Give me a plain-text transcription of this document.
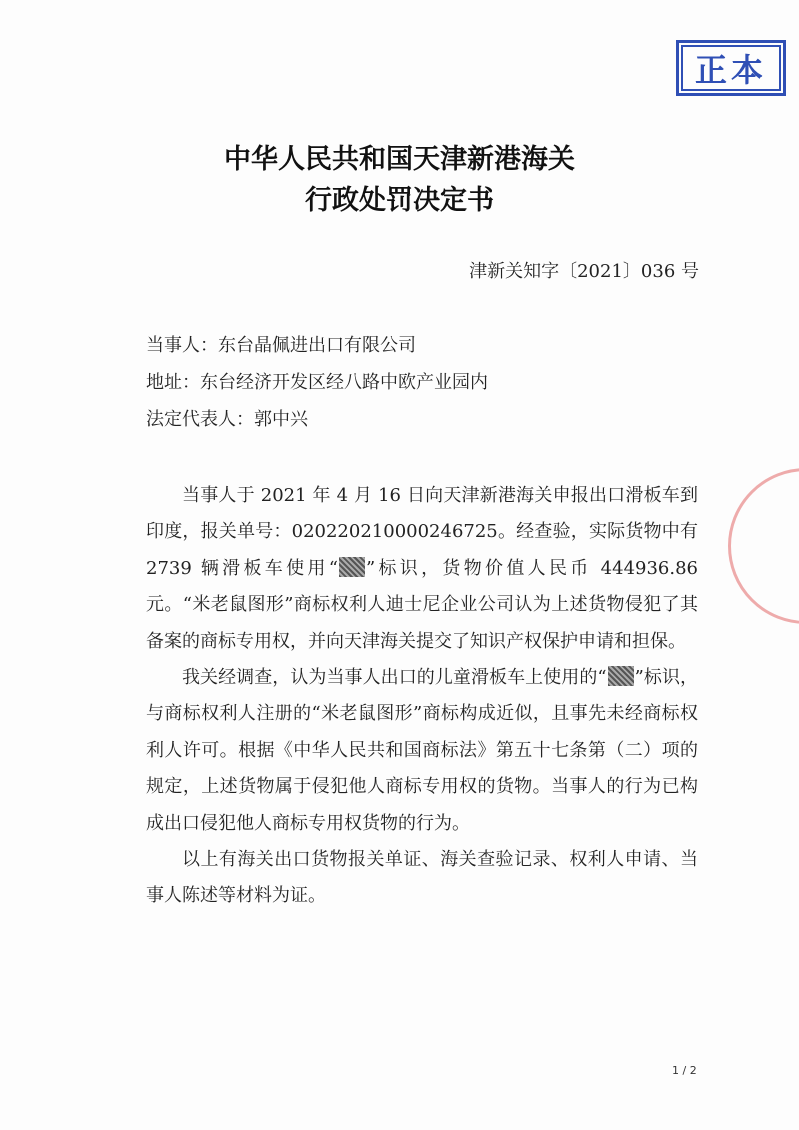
正本
中华人民共和国天津新港海关
行政处罚决定书
津新关知字〔2021〕036 号
当事人：东台晶佩进出口有限公司
地址：东台经济开发区经八路中欧产业园内
法定代表人：郭中兴

当事人于 2021 年 4 月 16 日向天津新港海关申报出口滑板车到印度，报关单号：020220210000246725。经查验，实际货物中有 2739 辆滑板车使用“ ”标识，货物价值人民币 444936.86 元。“米老鼠图形”商标权利人迪士尼企业公司认为上述货物侵犯了其备案的商标专用权，并向天津海关提交了知识产权保护申请和担保。

我关经调查，认为当事人出口的儿童滑板车上使用的“ ”标识，与商标权利人注册的“米老鼠图形”商标构成近似，且事先未经商标权利人许可。根据《中华人民共和国商标法》第五十七条第（二）项的规定，上述货物属于侵犯他人商标专用权的货物。当事人的行为已构成出口侵犯他人商标专用权货物的行为。

以上有海关出口货物报关单证、海关查验记录、权利人申请、当事人陈述等材料为证。

1 / 2
